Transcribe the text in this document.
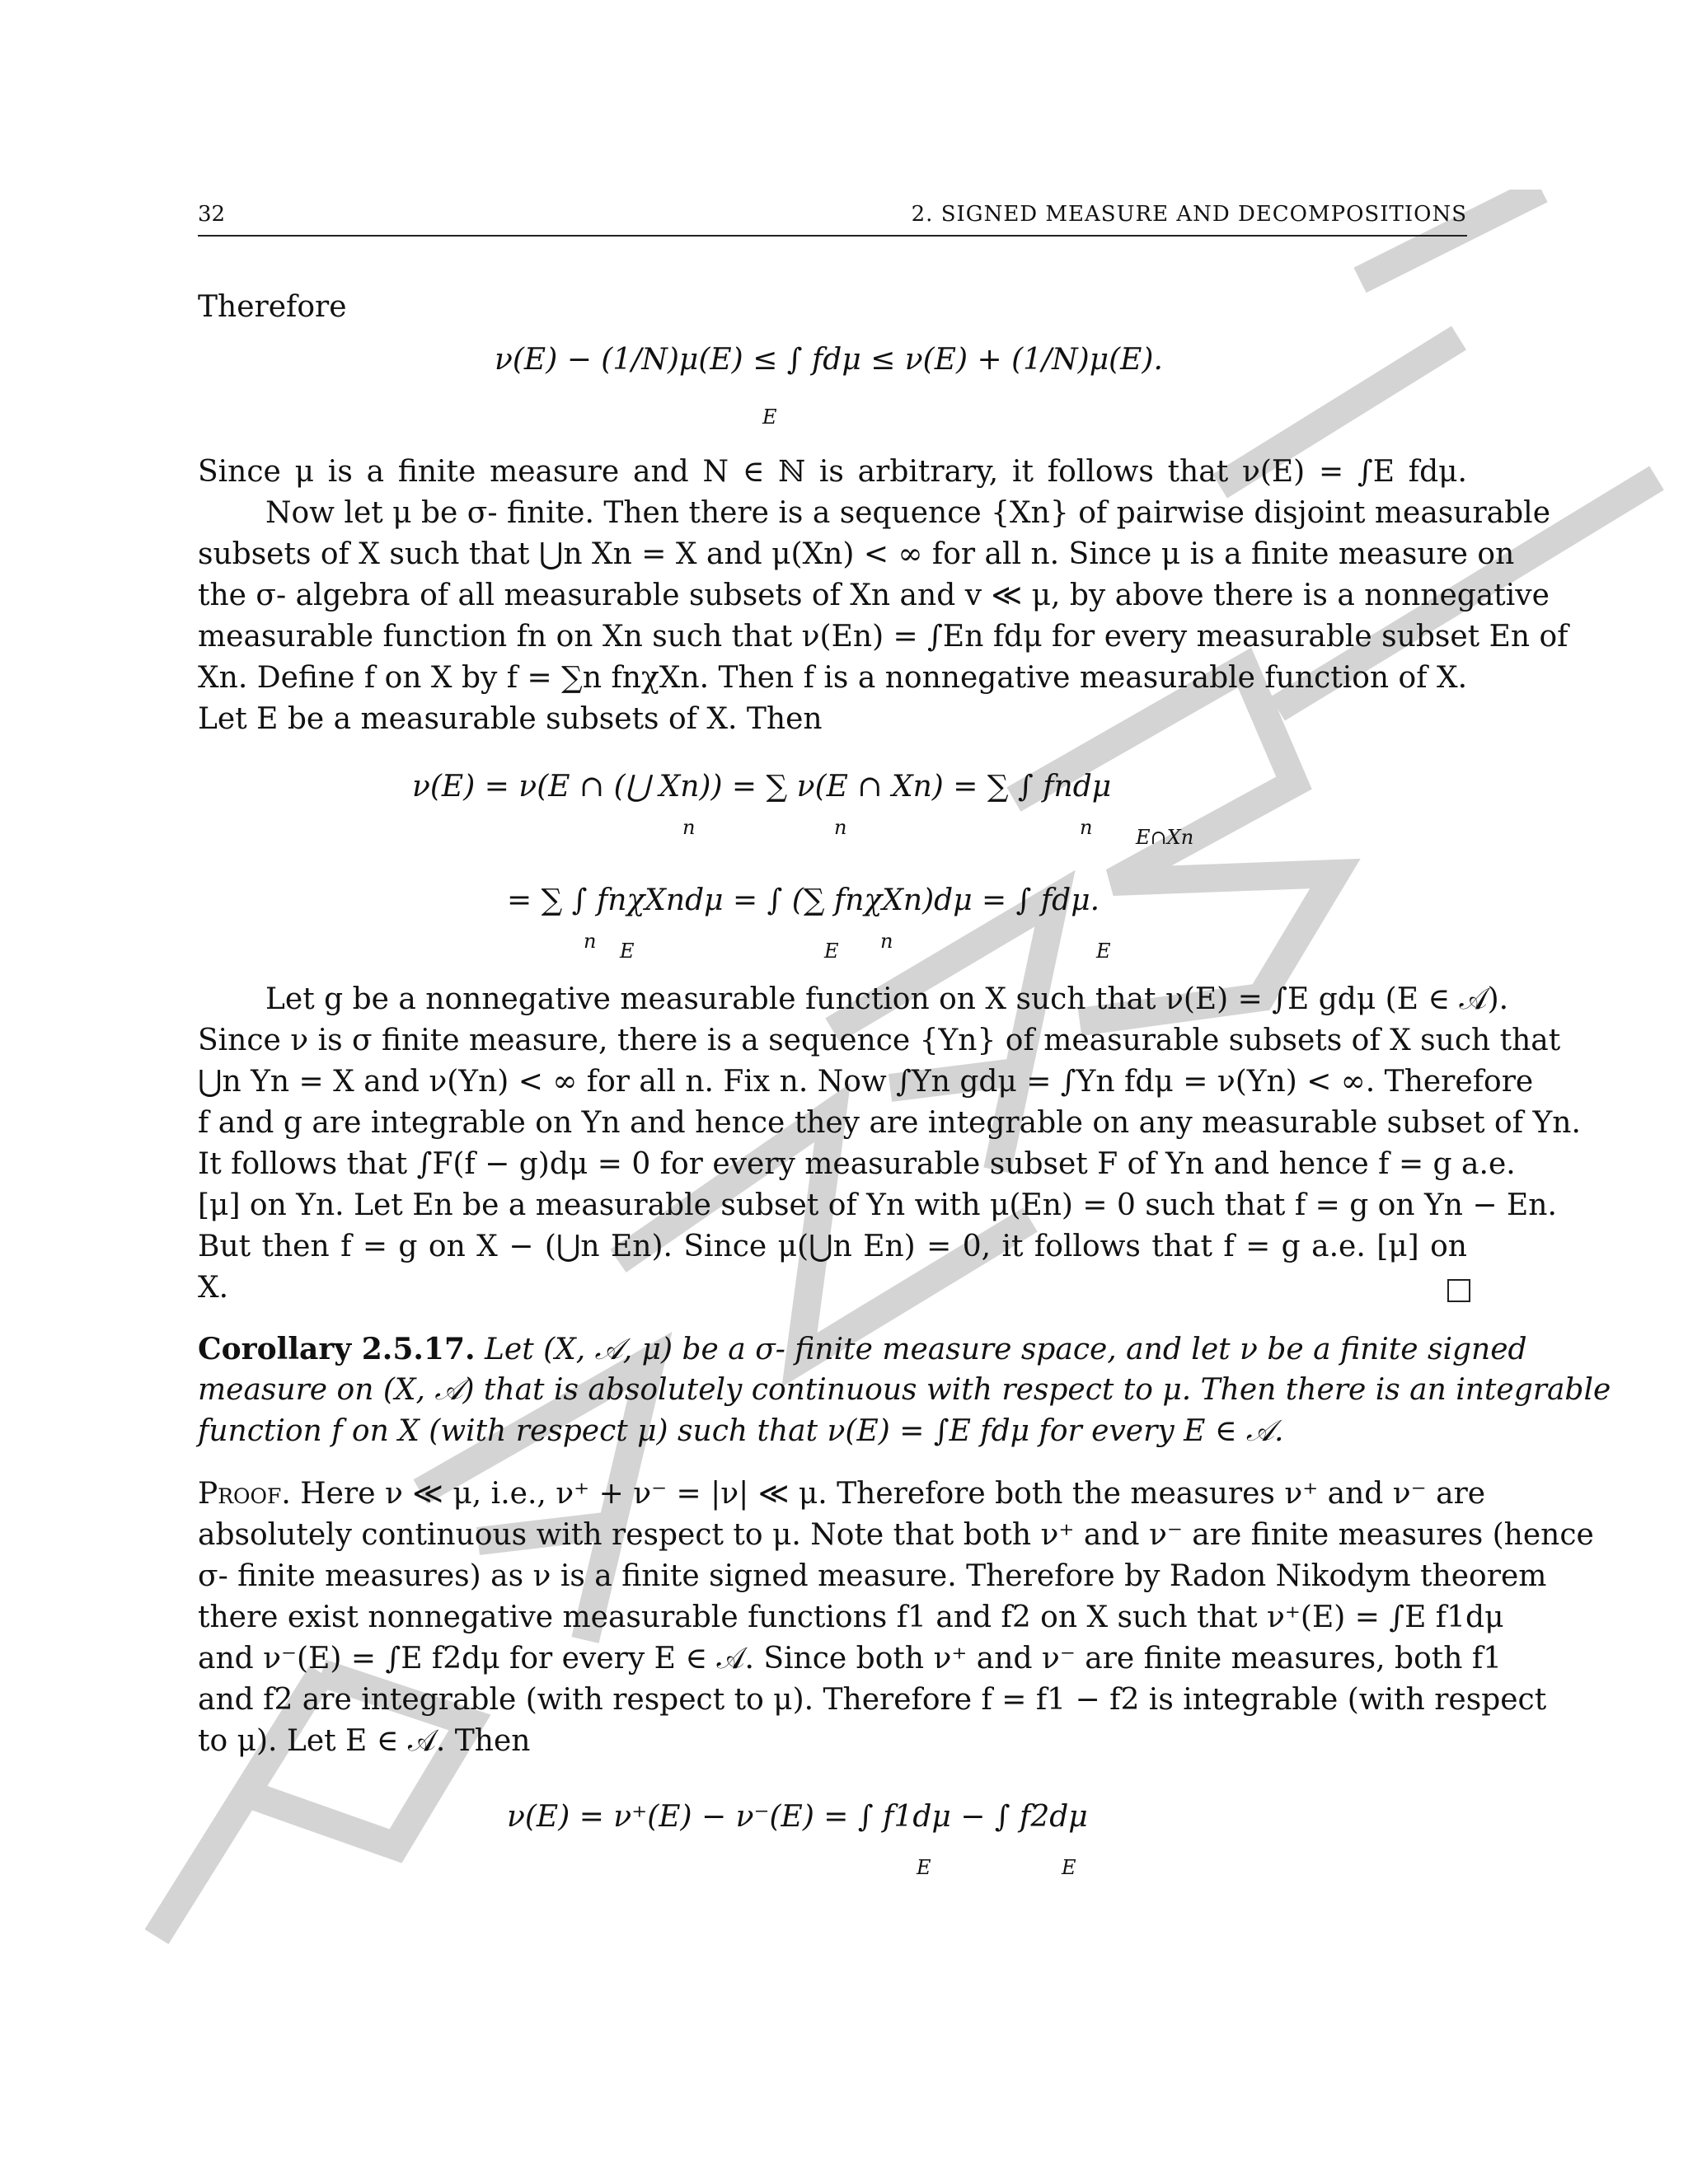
32	2. SIGNED MEASURE AND DECOMPOSITIONS
Therefore
ν(E) − (1/N)μ(E) ≤ ∫ fdμ ≤ ν(E) + (1/N)μ(E).
E
Since μ is a finite measure and N ∈ ℕ is arbitrary, it follows that ν(E) = ∫E fdμ.
Now let μ be σ- finite. Then there is a sequence {Xn} of pairwise disjoint measurable
subsets of X such that ⋃n Xn = X and μ(Xn) < ∞ for all n. Since μ is a finite measure on
the σ- algebra of all measurable subsets of Xn and v ≪ μ, by above there is a nonnegative
measurable function fn on Xn such that ν(En) = ∫En fdμ for every measurable subset En of
Xn. Define f on X by f = ∑n fnχXn. Then f is a nonnegative measurable function of X.
Let E be a measurable subsets of X. Then
ν(E) = ν(E ∩ (⋃ Xn)) = ∑ ν(E ∩ Xn) = ∑ ∫ fndμ
n	n	n E∩Xn
= ∑ ∫ fnχXndμ = ∫ (∑ fnχXn)dμ = ∫ fdμ.
n E	E n	E
Let g be a nonnegative measurable function on X such that ν(E) = ∫E gdμ (E ∈ 𝒜).
Since ν is σ finite measure, there is a sequence {Yn} of measurable subsets of X such that
⋃n Yn = X and ν(Yn) < ∞ for all n. Fix n. Now ∫Yn gdμ = ∫Yn fdμ = ν(Yn) < ∞. Therefore
f and g are integrable on Yn and hence they are integrable on any measurable subset of Yn.
It follows that ∫F(f − g)dμ = 0 for every measurable subset F of Yn and hence f = g a.e.
[μ] on Yn. Let En be a measurable subset of Yn with μ(En) = 0 such that f = g on Yn − En.
But then f = g on X − (⋃n En). Since μ(⋃n En) = 0, it follows that f = g a.e. [μ] on
X.
Corollary 2.5.17. Let (X, 𝒜, μ) be a σ- finite measure space, and let ν be a finite signed
measure on (X, 𝒜) that is absolutely continuous with respect to μ. Then there is an integrable
function f on X (with respect μ) such that ν(E) = ∫E fdμ for every E ∈ 𝒜.
Proof. Here ν ≪ μ, i.e., ν⁺ + ν⁻ = |ν| ≪ μ. Therefore both the measures ν⁺ and ν⁻ are
absolutely continuous with respect to μ. Note that both ν⁺ and ν⁻ are finite measures (hence
σ- finite measures) as ν is a finite signed measure. Therefore by Radon Nikodym theorem
there exist nonnegative measurable functions f1 and f2 on X such that ν⁺(E) = ∫E f1dμ
and ν⁻(E) = ∫E f2dμ for every E ∈ 𝒜. Since both ν⁺ and ν⁻ are finite measures, both f1
and f2 are integrable (with respect to μ). Therefore f = f1 − f2 is integrable (with respect
to μ). Let E ∈ 𝒜. Then
ν(E) = ν⁺(E) − ν⁻(E) = ∫ f1dμ − ∫ f2dμ
E	E
